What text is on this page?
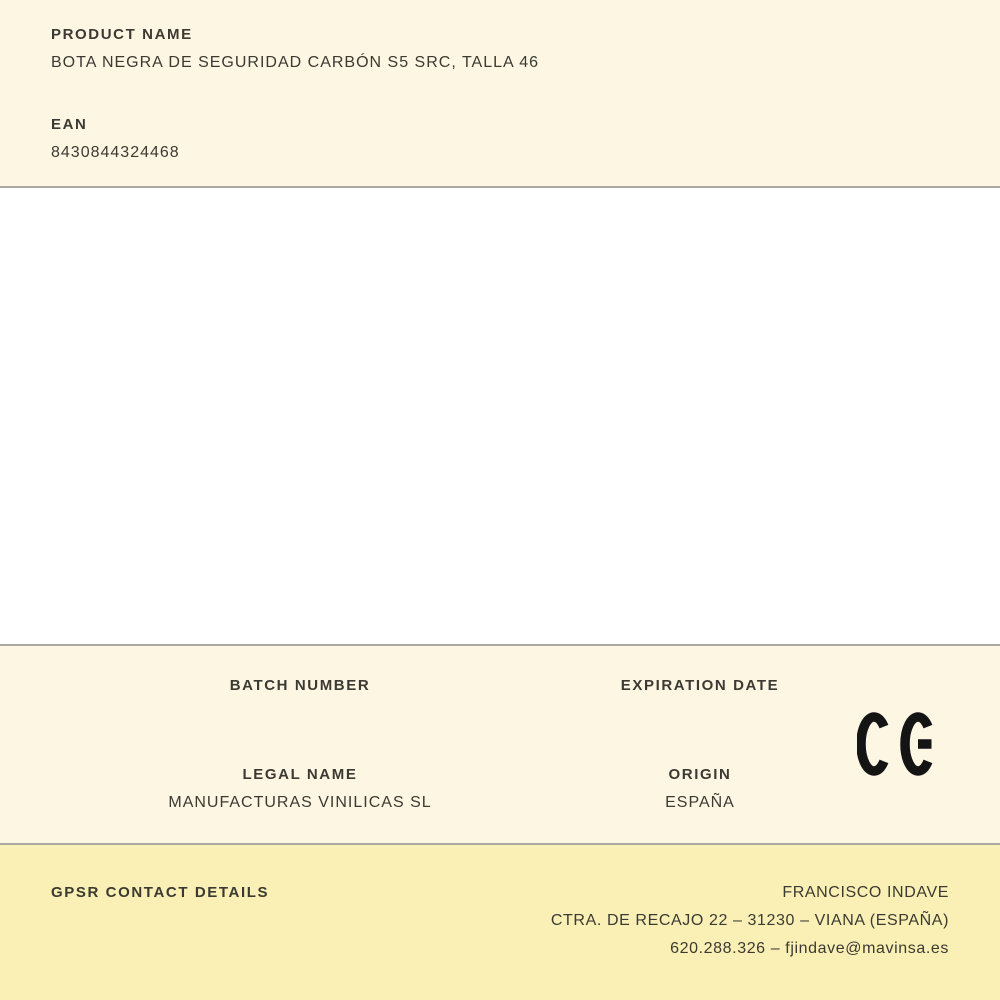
PRODUCT NAME
BOTA NEGRA DE SEGURIDAD CARBÓN S5 SRC, TALLA 46
EAN
8430844324468
BATCH NUMBER	EXPIRATION DATE
LEGAL NAME
MANUFACTURAS VINILICAS SL
ORIGIN
ESPAÑA
GPSR CONTACT DETAILS	FRANCISCO INDAVE
CTRA. DE RECAJO 22 – 31230 – VIANA (ESPAÑA)
620.288.326 – fjindave@mavinsa.es
